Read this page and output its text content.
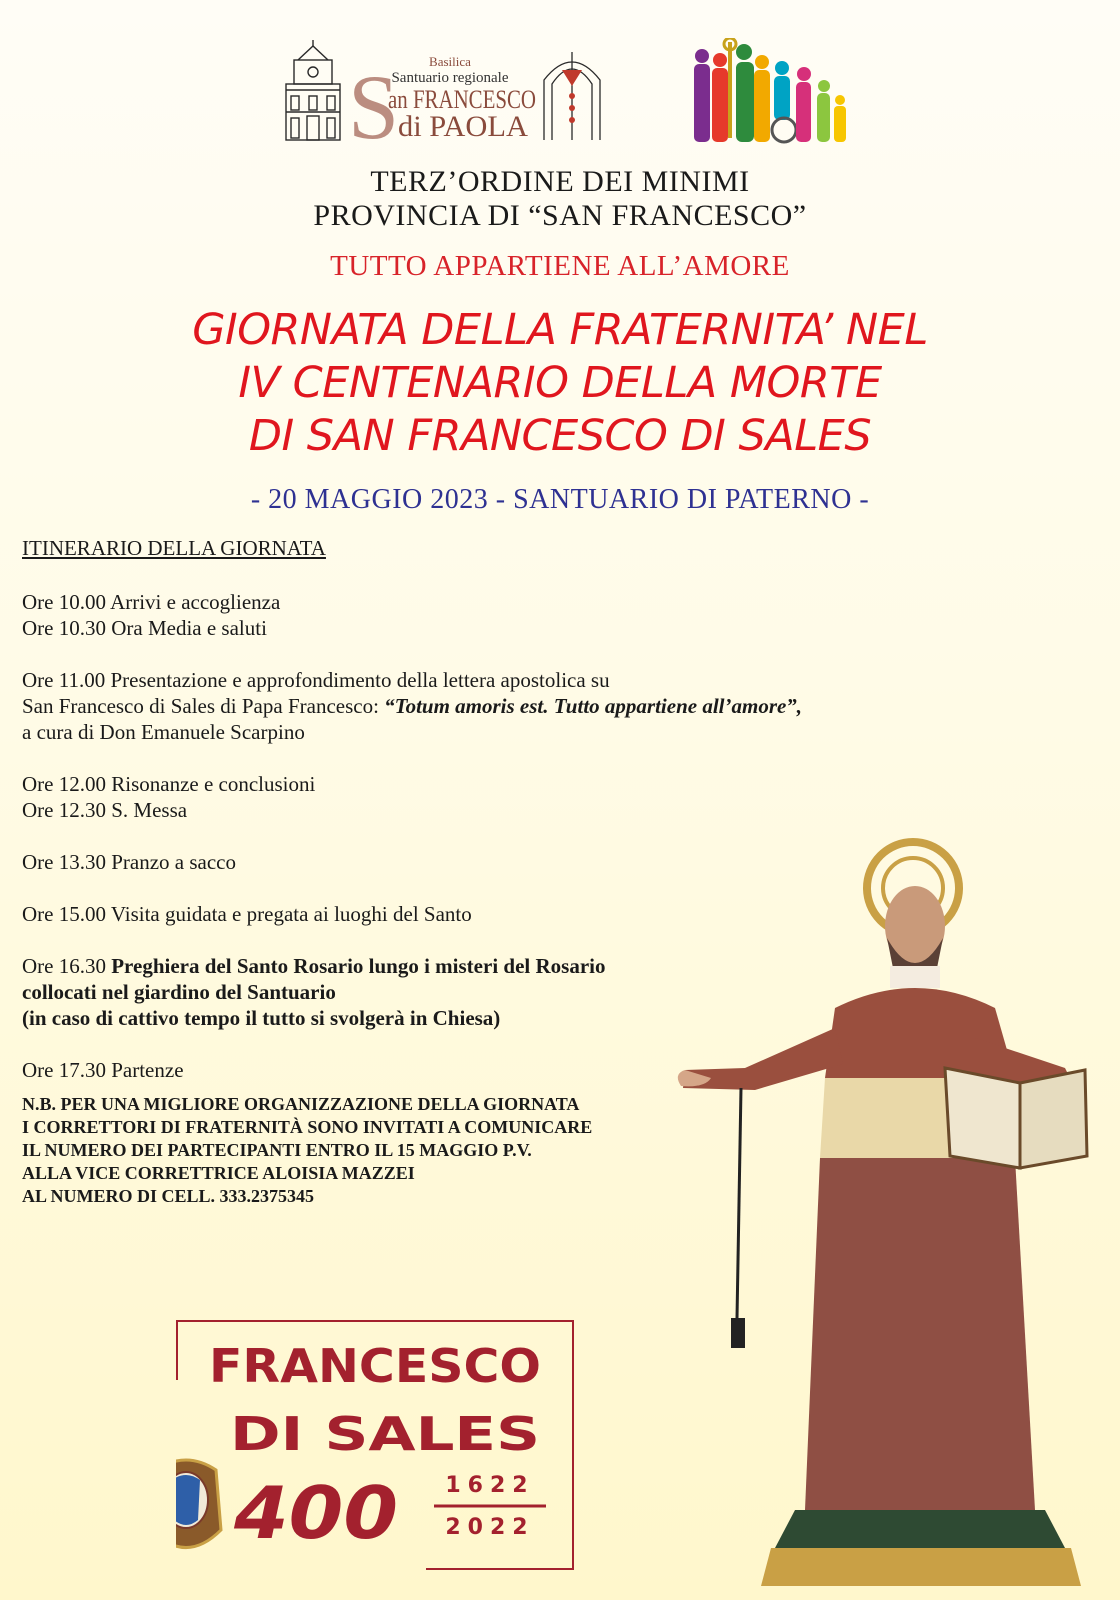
S Basilica
Santuario regionale
an FRANCESCO
di PAOLA
TERZ’ORDINE DEI MINIMI
PROVINCIA DI “SAN FRANCESCO”
TUTTO APPARTIENE ALL’AMORE
GIORNATA DELLA FRATERNITA’ NEL
IV CENTENARIO DELLA MORTE
DI SAN FRANCESCO DI SALES
- 20 MAGGIO 2023 - SANTUARIO DI PATERNO -
ITINERARIO DELLA GIORNATA
Ore 10.00 Arrivi e accoglienza
Ore 10.30 Ora Media e saluti
Ore 11.00 Presentazione e approfondimento della lettera apostolica su
San Francesco di Sales di Papa Francesco: “Totum amoris est. Tutto appartiene all’amore”,
a cura di Don Emanuele Scarpino
Ore 12.00 Risonanze e conclusioni
Ore 12.30 S. Messa
Ore 13.30 Pranzo a sacco
Ore 15.00 Visita guidata e pregata ai luoghi del Santo
Ore 16.30 Preghiera del Santo Rosario lungo i misteri del Rosario
collocati nel giardino del Santuario
(in caso di cattivo tempo il tutto si svolgerà in Chiesa)
Ore 17.30 Partenze
N.B. PER UNA MIGLIORE ORGANIZZAZIONE DELLA GIORNATA
I CORRETTORI DI FRATERNITÀ SONO INVITATI A COMUNICARE
IL NUMERO DEI PARTECIPANTI ENTRO IL 15 MAGGIO P.V.
ALLA VICE CORRETTRICE ALOISIA MAZZEI
AL NUMERO DI CELL. 333.2375345
FRANCESCO
DI SALES
400 1622
2022
